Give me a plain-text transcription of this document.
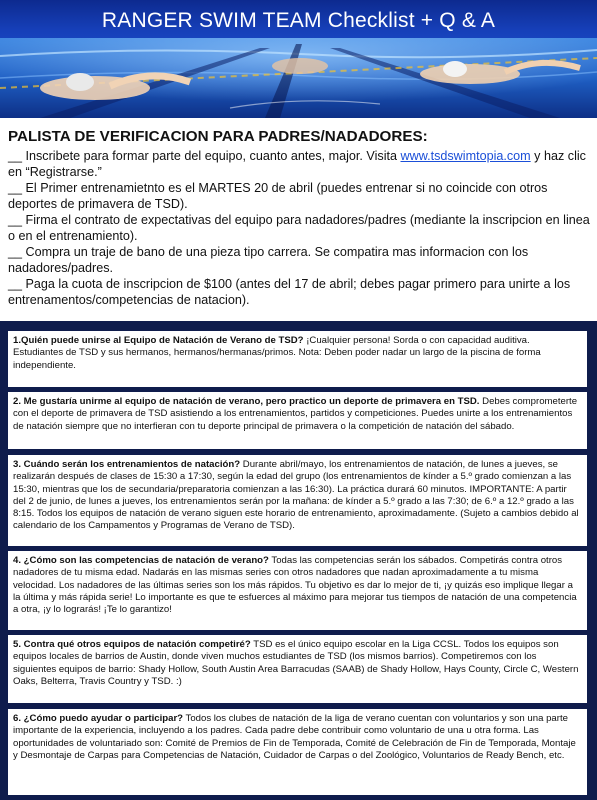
RANGER SWIM TEAM Checklist + Q & A
PALISTA DE VERIFICACION PARA PADRES/NADADORES:

__ Inscribete para formar parte del equipo, cuanto antes, major. Visita www.tsdswimtopia.com y haz clic en “Registrarse.”

__ El Primer entrenamietnto es el MARTES 20 de abril (puedes entrenar si no coincide con otros deportes de primavera de TSD).

__ Firma el contrato de expectativas del equipo para nadadores/padres (mediante la inscripcion en linea o en el entrenamiento).

__ Compra un traje de bano de una pieza tipo carrera. Se compatira mas informacion con los nadadores/padres.

__ Paga la cuota de inscripcion de $100 (antes del 17 de abril; debes pagar primero para unirte a los entrenamentos/competencias de natacion).

1.Quién puede unirse al Equipo de Natación de Verano de TSD? ¡Cualquier persona! Sorda o con capacidad auditiva. Estudiantes de TSD y sus hermanos, hermanos/hermanas/primos. Nota: Deben poder nadar un largo de la piscina de forma independiente.
2. Me gustaría unirme al equipo de natación de verano, pero practico un deporte de primavera en TSD. Debes comprometerte con el deporte de primavera de TSD asistiendo a los entrenamientos, partidos y competiciones. Puedes unirte a los entrenamientos de natación siempre que no interfieran con tu deporte principal de primavera o la competición de natación del sábado.
3. Cuándo serán los entrenamientos de natación? Durante abril/mayo, los entrenamientos de natación, de lunes a jueves, se realizarán después de clases de 15:30 a 17:30, según la edad del grupo (los entrenamientos de kínder a 5.º grado comienzan a las 15:30, mientras que los de secundaria/preparatoria comienzan a las 16:30). La práctica durará 60 minutos. IMPORTANTE: A partir del 2 de junio, de lunes a jueves, los entrenamientos serán por la mañana: de kínder a 5.º grado a las 7:30; de 6.º a 12.º grado a las 8:15. Todos los equipos de natación de verano siguen este horario de entrenamiento, aproximadamente. (Sujeto a cambios debido al calendario de los Campamentos y Programas de Verano de TSD).
4. ¿Cómo son las competencias de natación de verano? Todas las competencias serán los sábados. Competirás contra otros nadadores de tu misma edad. Nadarás en las mismas series con otros nadadores que nadan aproximadamente a tu misma velocidad. Los nadadores de las últimas series son los más rápidos. Tu objetivo es dar lo mejor de ti, ¡y quizás eso implique llegar a la última y más rápida serie! Lo importante es que te esfuerces al máximo para mejorar tus tiempos de natación de una competencia a otra, ¡y lo lograrás! ¡Te lo garantizo!
5. Contra qué otros equipos de natación competiré? TSD es el único equipo escolar en la Liga CCSL. Todos los equipos son equipos locales de barrios de Austin, donde viven muchos estudiantes de TSD (los mismos barrios). Competiremos con los siguientes equipos de barrio: Shady Hollow, South Austin Area Barracudas (SAAB) de Shady Hollow, Hays County, Circle C, Western Oaks, Belterra, Travis Country y TSD. :)
6. ¿Cómo puedo ayudar o participar? Todos los clubes de natación de la liga de verano cuentan con voluntarios y son una parte importante de la experiencia, incluyendo a los padres. Cada padre debe contribuir como voluntario de una u otra forma. Las oportunidades de voluntariado son: Comité de Premios de Fin de Temporada, Comité de Celebración de Fin de Temporada, Montaje y Desmontaje de Carpas para Competencias de Natación, Cuidador de Carpas o del Zoológico, Voluntarios de Ready Bench, etc.
